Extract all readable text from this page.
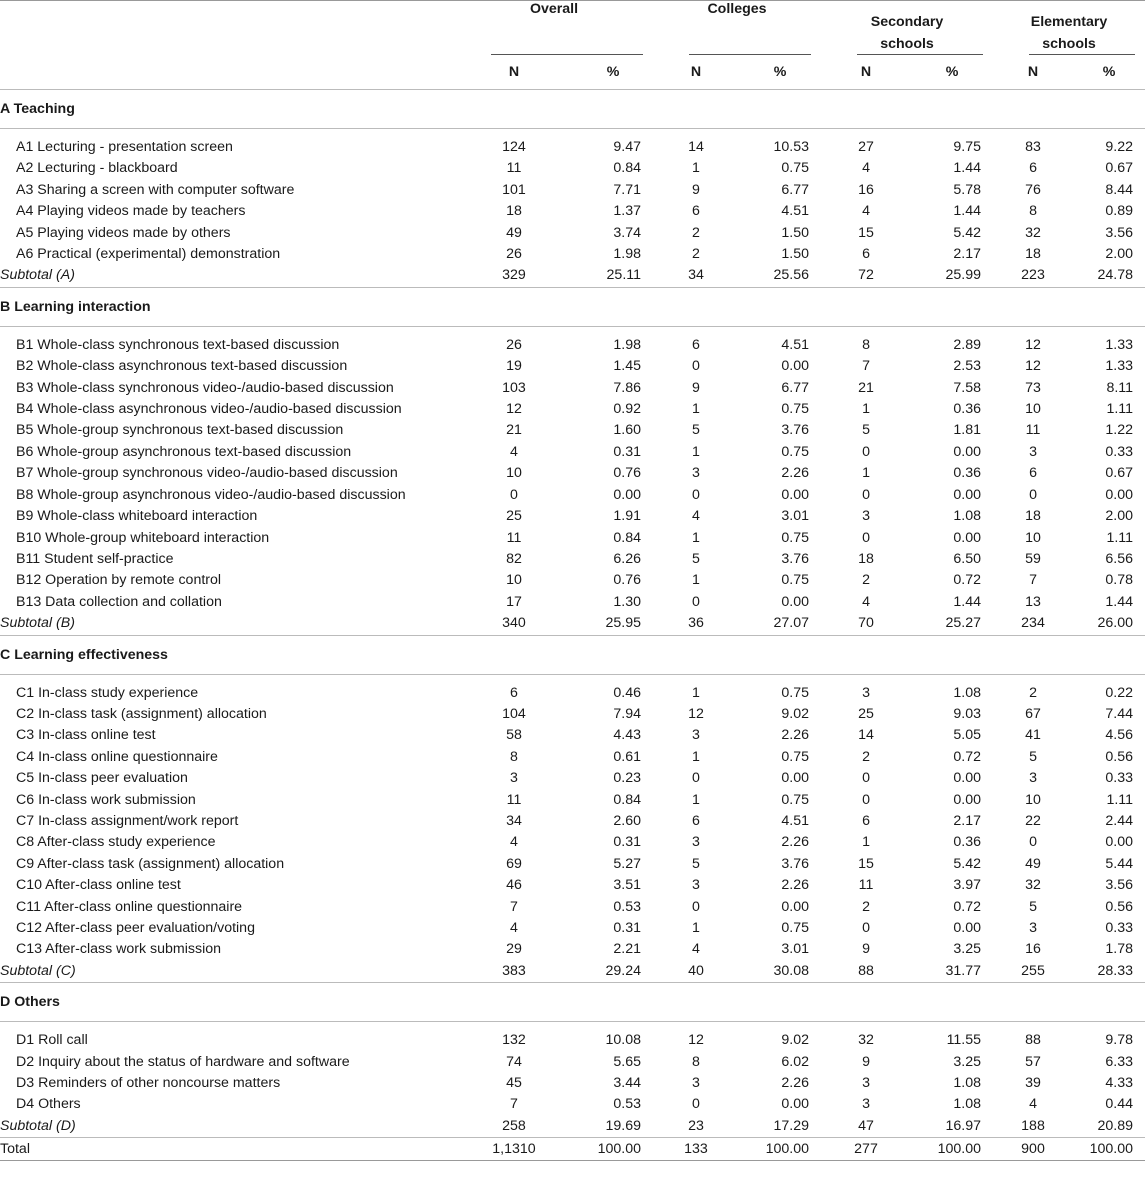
	Overall		Colleges		Secondary schools		Elementary schools	
	N	%	N	%	N	%	N	%
A Teaching								

A1 Lecturing - presentation screen	124	9.47	14	10.53	27	9.75	83	9.22
A2 Lecturing - blackboard	11	0.84	1	0.75	4	1.44	6	0.67
A3 Sharing a screen with computer software	101	7.71	9	6.77	16	5.78	76	8.44
A4 Playing videos made by teachers	18	1.37	6	4.51	4	1.44	8	0.89
A5 Playing videos made by others	49	3.74	2	1.50	15	5.42	32	3.56
A6 Practical (experimental) demonstration	26	1.98	2	1.50	6	2.17	18	2.00
Subtotal (A)	329	25.11	34	25.56	72	25.99	223	24.78
B Learning interaction								

B1 Whole-class synchronous text-based discussion	26	1.98	6	4.51	8	2.89	12	1.33
B2 Whole-class asynchronous text-based discussion	19	1.45	0	0.00	7	2.53	12	1.33
B3 Whole-class synchronous video-/audio-based discussion	103	7.86	9	6.77	21	7.58	73	8.11
B4 Whole-class asynchronous video-/audio-based discussion	12	0.92	1	0.75	1	0.36	10	1.11
B5 Whole-group synchronous text-based discussion	21	1.60	5	3.76	5	1.81	11	1.22
B6 Whole-group asynchronous text-based discussion	4	0.31	1	0.75	0	0.00	3	0.33
B7 Whole-group synchronous video-/audio-based discussion	10	0.76	3	2.26	1	0.36	6	0.67
B8 Whole-group asynchronous video-/audio-based discussion	0	0.00	0	0.00	0	0.00	0	0.00
B9 Whole-class whiteboard interaction	25	1.91	4	3.01	3	1.08	18	2.00
B10 Whole-group whiteboard interaction	11	0.84	1	0.75	0	0.00	10	1.11
B11 Student self-practice	82	6.26	5	3.76	18	6.50	59	6.56
B12 Operation by remote control	10	0.76	1	0.75	2	0.72	7	0.78
B13 Data collection and collation	17	1.30	0	0.00	4	1.44	13	1.44
Subtotal (B)	340	25.95	36	27.07	70	25.27	234	26.00
C Learning effectiveness								

C1 In-class study experience	6	0.46	1	0.75	3	1.08	2	0.22
C2 In-class task (assignment) allocation	104	7.94	12	9.02	25	9.03	67	7.44
C3 In-class online test	58	4.43	3	2.26	14	5.05	41	4.56
C4 In-class online questionnaire	8	0.61	1	0.75	2	0.72	5	0.56
C5 In-class peer evaluation	3	0.23	0	0.00	0	0.00	3	0.33
C6 In-class work submission	11	0.84	1	0.75	0	0.00	10	1.11
C7 In-class assignment/work report	34	2.60	6	4.51	6	2.17	22	2.44
C8 After-class study experience	4	0.31	3	2.26	1	0.36	0	0.00
C9 After-class task (assignment) allocation	69	5.27	5	3.76	15	5.42	49	5.44
C10 After-class online test	46	3.51	3	2.26	11	3.97	32	3.56
C11 After-class online questionnaire	7	0.53	0	0.00	2	0.72	5	0.56
C12 After-class peer evaluation/voting	4	0.31	1	0.75	0	0.00	3	0.33
C13 After-class work submission	29	2.21	4	3.01	9	3.25	16	1.78
Subtotal (C)	383	29.24	40	30.08	88	31.77	255	28.33
D Others								

D1 Roll call	132	10.08	12	9.02	32	11.55	88	9.78
D2 Inquiry about the status of hardware and software	74	5.65	8	6.02	9	3.25	57	6.33
D3 Reminders of other noncourse matters	45	3.44	3	2.26	3	1.08	39	4.33
D4 Others	7	0.53	0	0.00	3	1.08	4	0.44
Subtotal (D)	258	19.69	23	17.29	47	16.97	188	20.89
Total	1,1310	100.00	133	100.00	277	100.00	900	100.00
